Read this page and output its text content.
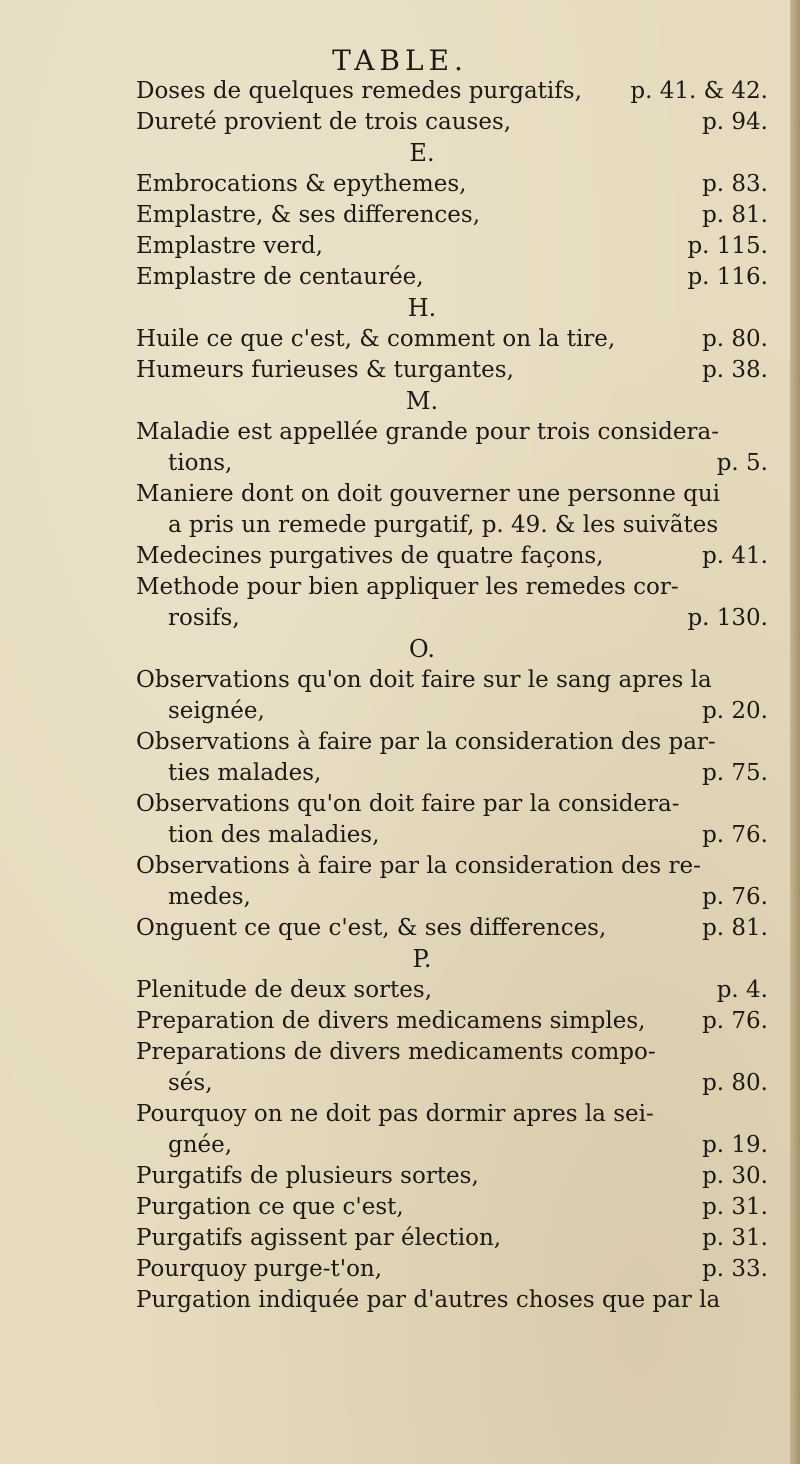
TABLE.
Doses de quelques remedes purgatifs,	p. 41. & 42.
Dureté provient de trois causes,	p. 94.
E.
Embrocations & epythemes,	p. 83.
Emplastre, & ses differences,	p. 81.
Emplastre verd,	p. 115.
Emplastre de centaurée,	p. 116.
H.
Huile ce que c'est, & comment on la tire,	p. 80.
Humeurs furieuses & turgantes,	p. 38.
M.
Maladie est appellée grande pour trois considera-
tions,	p. 5.
Maniere dont on doit gouverner une personne qui
a pris un remede purgatif, p. 49. & les suivãtes
Medecines purgatives de quatre façons,	p. 41.
Methode pour bien appliquer les remedes cor-
rosifs,	p. 130.
O.
Observations qu'on doit faire sur le sang apres la
seignée,	p. 20.
Observations à faire par la consideration des par-
ties malades,	p. 75.
Observations qu'on doit faire par la considera-
tion des maladies,	p. 76.
Observations à faire par la consideration des re-
medes,	p. 76.
Onguent ce que c'est, & ses differences,	p. 81.
P.
Plenitude de deux sortes,	p. 4.
Preparation de divers medicamens simples,	p. 76.
Preparations de divers medicaments compo-
sés,	p. 80.
Pourquoy on ne doit pas dormir apres la sei-
gnée,	p. 19.
Purgatifs de plusieurs sortes,	p. 30.
Purgation ce que c'est,	p. 31.
Purgatifs agissent par élection,	p. 31.
Pourquoy purge-t'on,	p. 33.
Purgation indiquée par d'autres choses que par la
